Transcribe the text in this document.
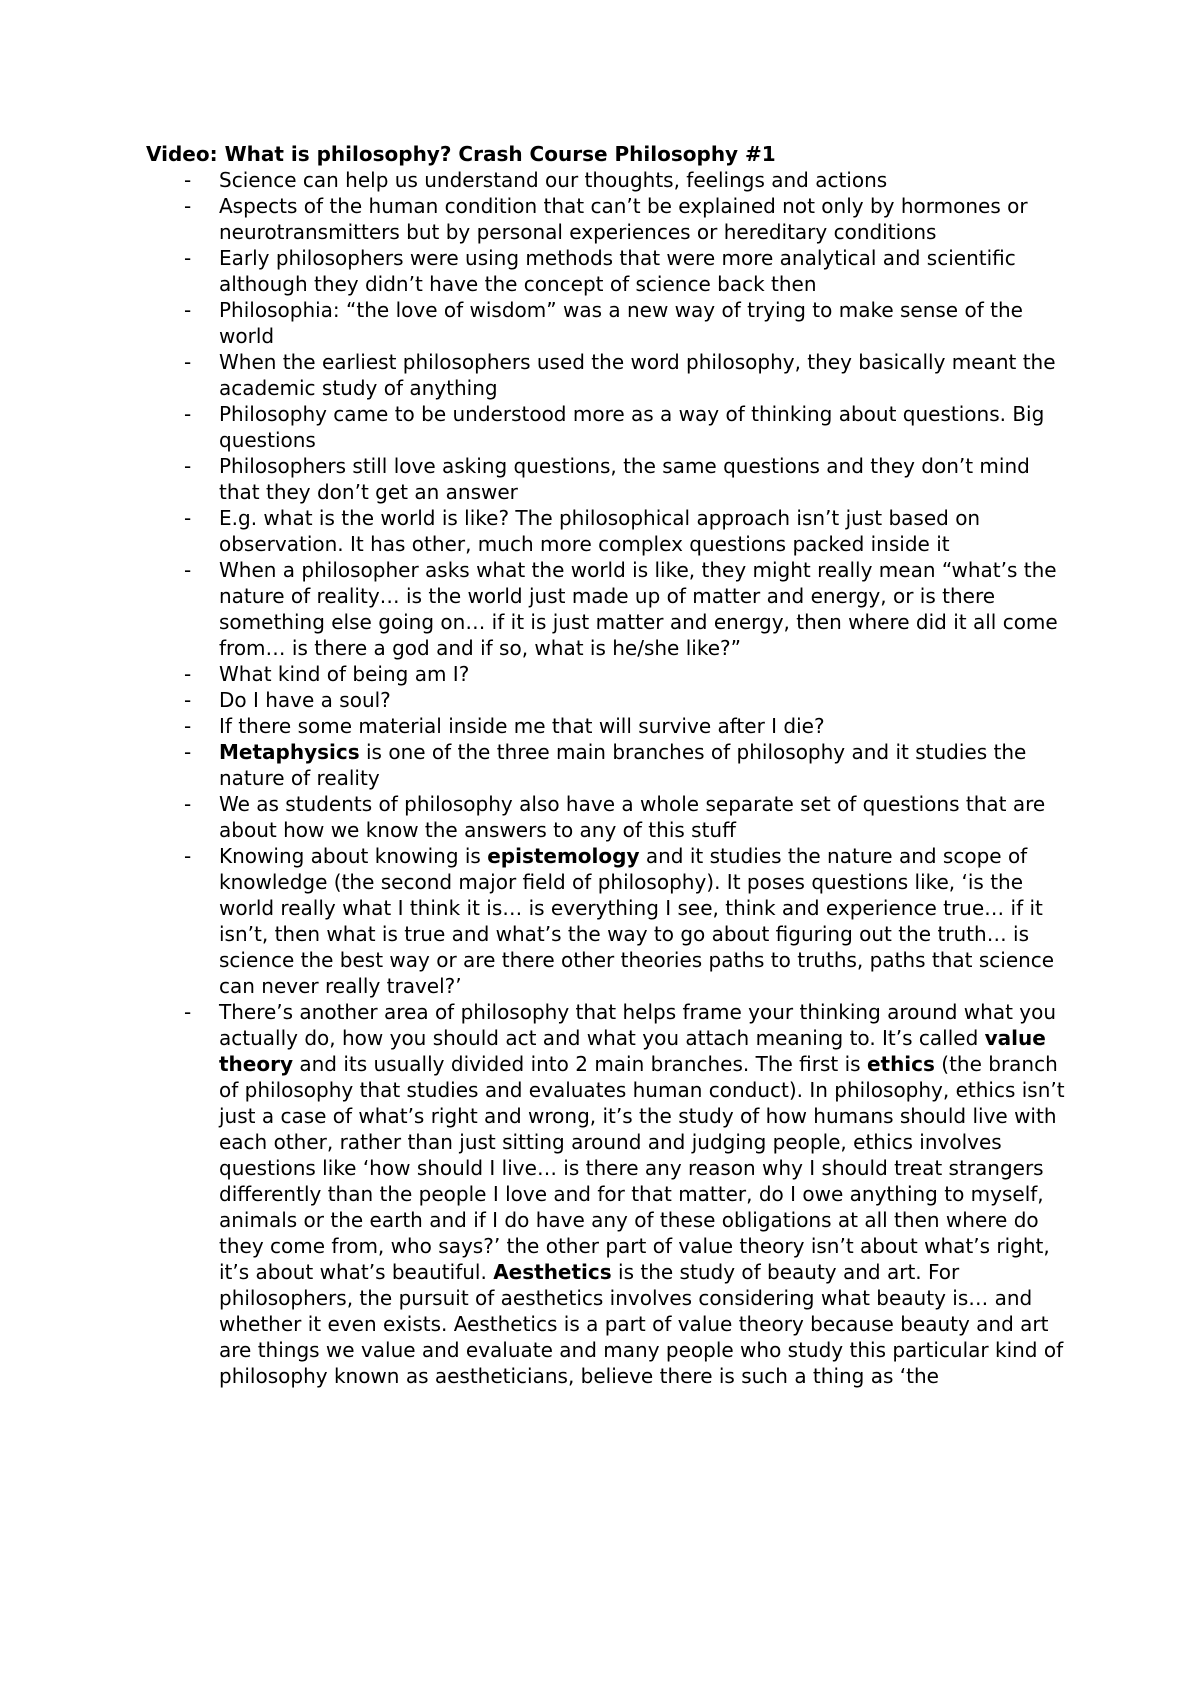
Video: What is philosophy? Crash Course Philosophy #1
- Science can help us understand our thoughts, feelings and actions
- Aspects of the human condition that can’t be explained not only by hormones or neurotransmitters but by personal experiences or hereditary conditions
- Early philosophers were using methods that were more analytical and scientific although they didn’t have the concept of science back then
- Philosophia: “the love of wisdom” was a new way of trying to make sense of the world
- When the earliest philosophers used the word philosophy, they basically meant the academic study of anything
- Philosophy came to be understood more as a way of thinking about questions. Big questions
- Philosophers still love asking questions, the same questions and they don’t mind that they don’t get an answer
- E.g. what is the world is like? The philosophical approach isn’t just based on observation. It has other, much more complex questions packed inside it
- When a philosopher asks what the world is like, they might really mean “what’s the nature of reality… is the world just made up of matter and energy, or is there something else going on… if it is just matter and energy, then where did it all come from… is there a god and if so, what is he/she like?”
- What kind of being am I?
- Do I have a soul?
- If there some material inside me that will survive after I die?
- Metaphysics is one of the three main branches of philosophy and it studies the nature of reality
- We as students of philosophy also have a whole separate set of questions that are about how we know the answers to any of this stuff
- Knowing about knowing is epistemology and it studies the nature and scope of knowledge (the second major field of philosophy). It poses questions like, ‘is the world really what I think it is… is everything I see, think and experience true… if it isn’t, then what is true and what’s the way to go about figuring out the truth… is science the best way or are there other theories paths to truths, paths that science can never really travel?’
- There’s another area of philosophy that helps frame your thinking around what you actually do, how you should act and what you attach meaning to. It’s called value theory and its usually divided into 2 main branches. The first is ethics (the branch of philosophy that studies and evaluates human conduct). In philosophy, ethics isn’t just a case of what’s right and wrong, it’s the study of how humans should live with each other, rather than just sitting around and judging people, ethics involves questions like ‘how should I live… is there any reason why I should treat strangers differently than the people I love and for that matter, do I owe anything to myself, animals or the earth and if I do have any of these obligations at all then where do they come from, who says?’ the other part of value theory isn’t about what’s right, it’s about what’s beautiful. Aesthetics is the study of beauty and art. For philosophers, the pursuit of aesthetics involves considering what beauty is… and whether it even exists. Aesthetics is a part of value theory because beauty and art are things we value and evaluate and many people who study this particular kind of philosophy known as aestheticians, believe there is such a thing as ‘the
